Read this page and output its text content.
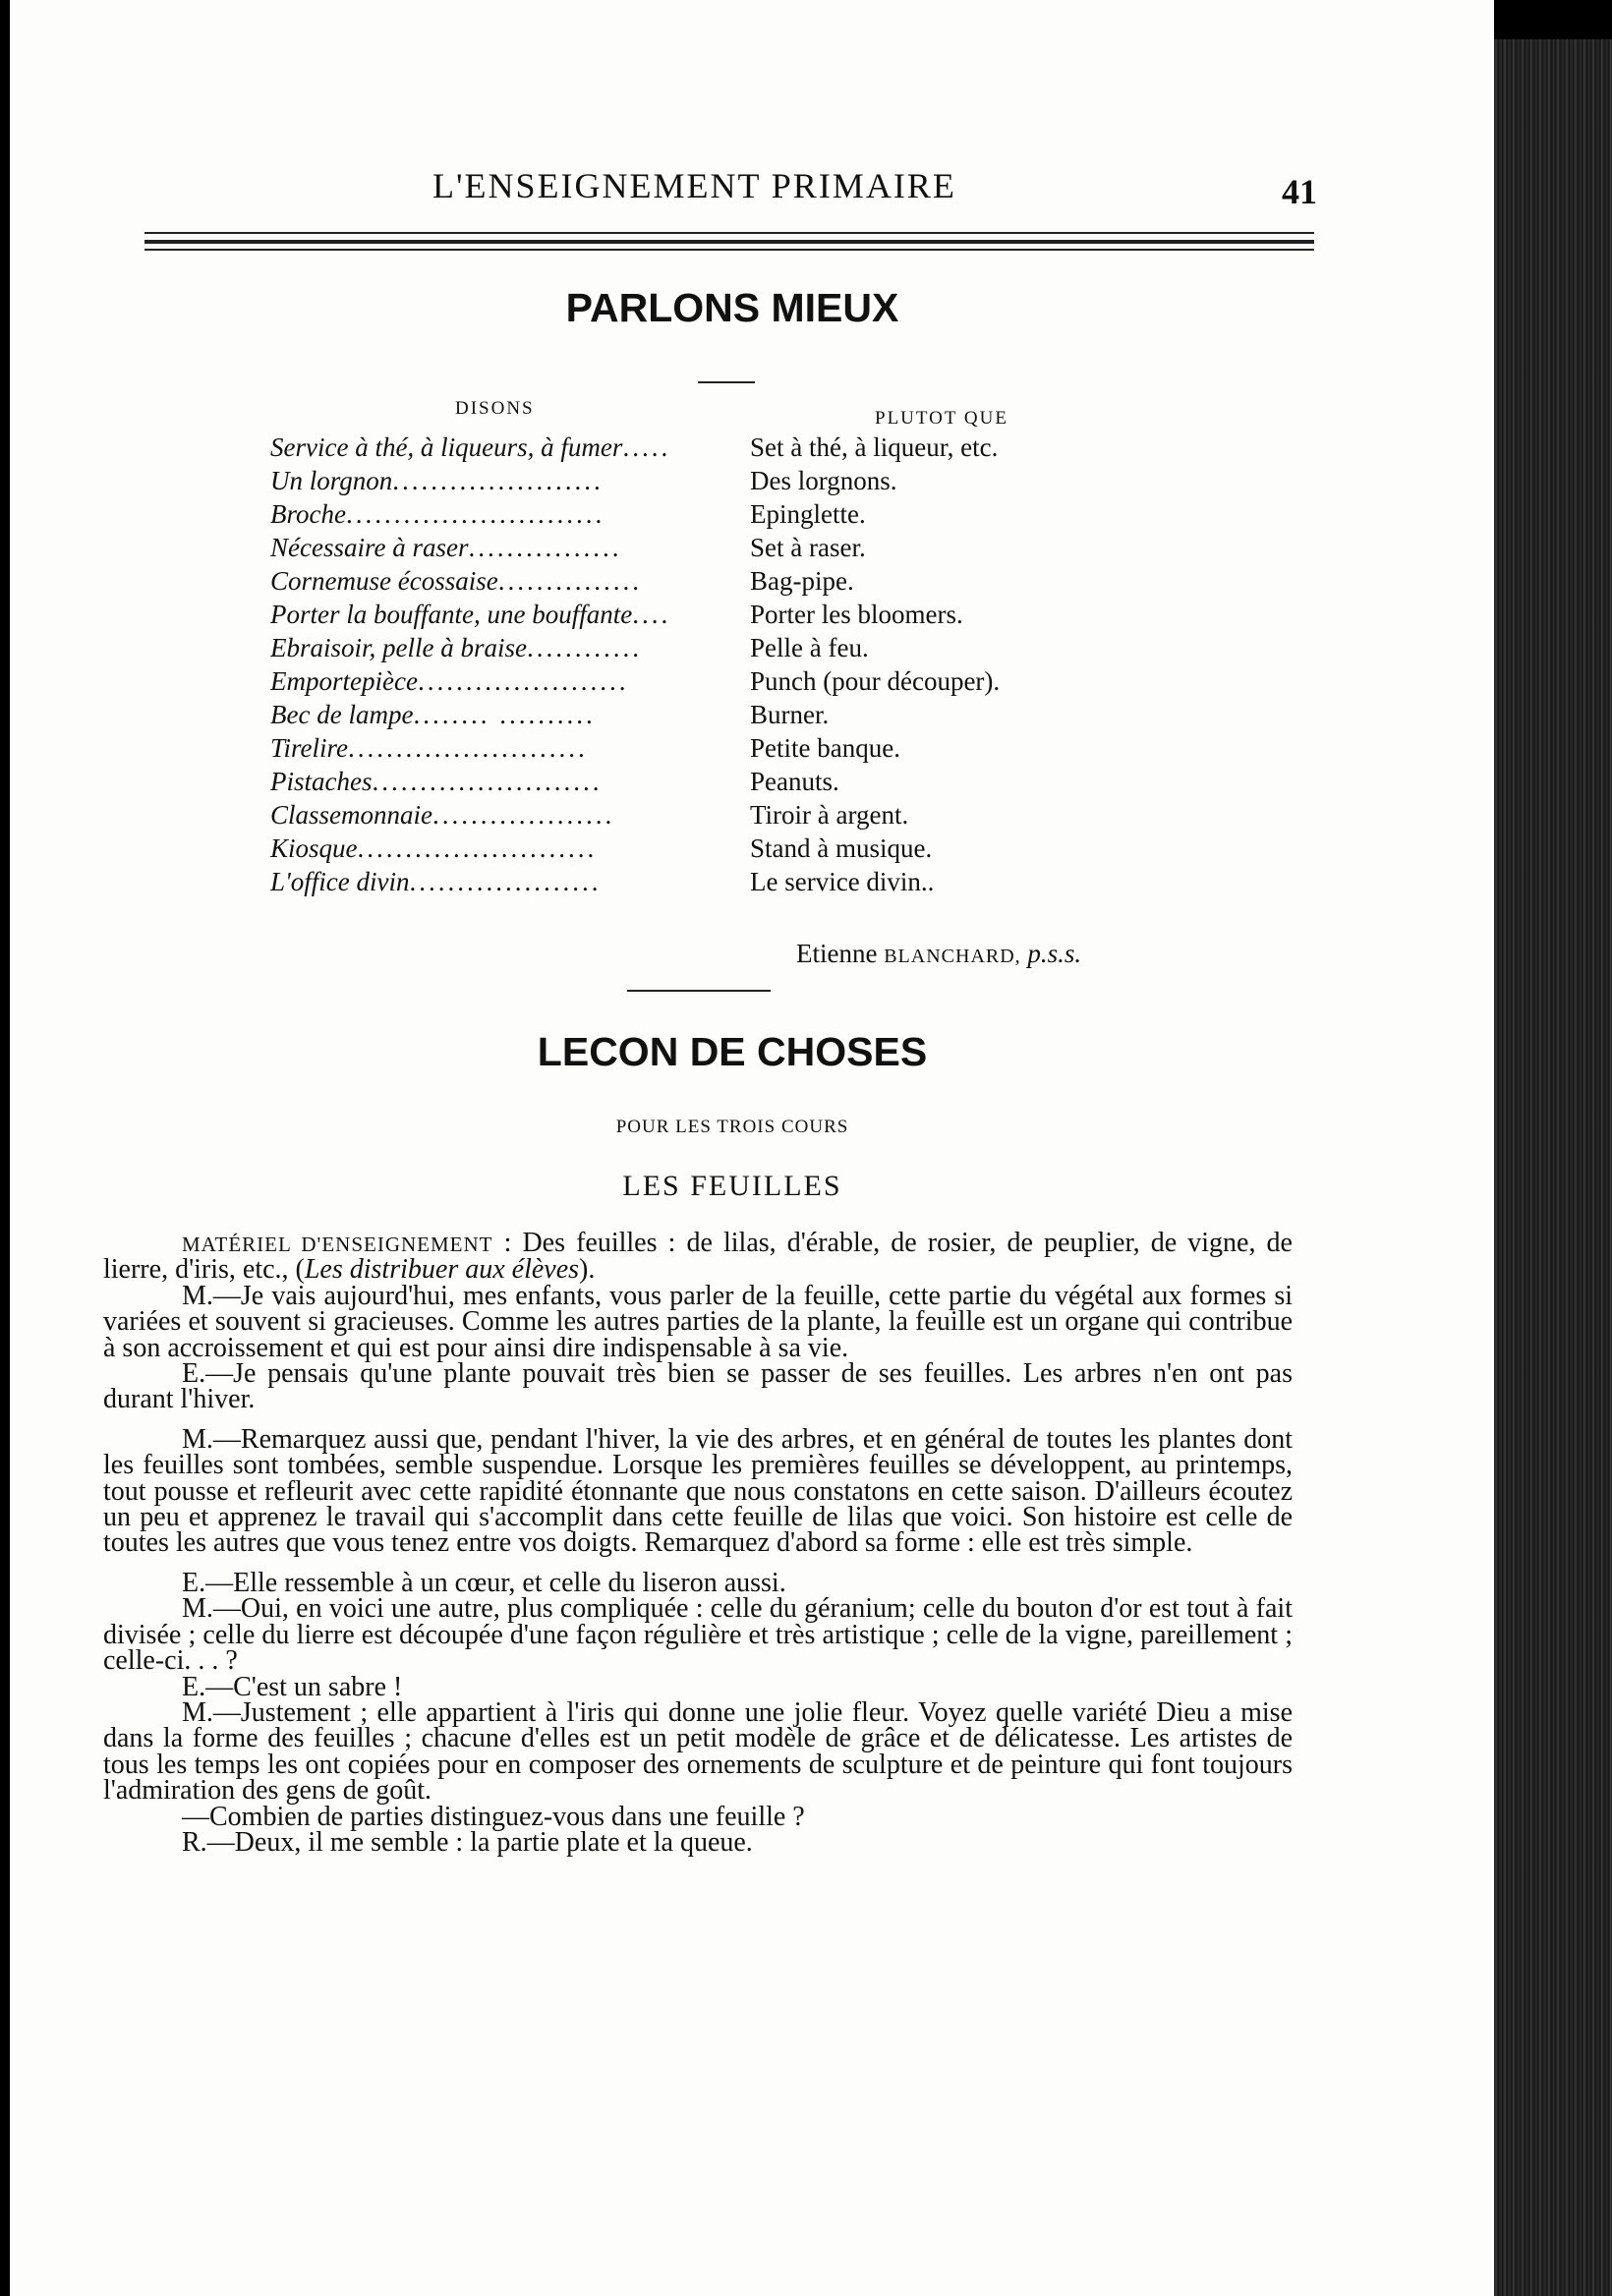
L'ENSEIGNEMENT PRIMAIRE	41
PARLONS MIEUX
DISONS	PLUTOT QUE
Service à thé, à liqueurs, à fumer.....	Set à thé, à liqueur, etc.
Un lorgnon......................	Des lorgnons.
Broche...........................	Epinglette.
Nécessaire à raser................	Set à raser.
Cornemuse écossaise...............	Bag-pipe.
Porter la bouffante, une bouffante....	Porter les bloomers.
Ebraisoir, pelle à braise............	Pelle à feu.
Emportepièce......................	Punch (pour découper).
Bec de lampe........ ..........	Burner.
Tirelire.........................	Petite banque.
Pistaches........................	Peanuts.
Classemonnaie...................	Tiroir à argent.
Kiosque.........................	Stand à musique.
L'office divin....................	Le service divin..
Etienne BLANCHARD, p.s.s.
LECON DE CHOSES
POUR LES TROIS COURS
LES FEUILLES

MATÉRIEL D'ENSEIGNEMENT : Des feuilles : de lilas, d'érable, de rosier, de peuplier, de vigne, de lierre, d'iris, etc., (Les distribuer aux élèves).

M.—Je vais aujourd'hui, mes enfants, vous parler de la feuille, cette partie du végétal aux formes si variées et souvent si gracieuses. Comme les autres parties de la plante, la feuille est un organe qui contribue à son accroissement et qui est pour ainsi dire indispensable à sa vie.

E.—Je pensais qu'une plante pouvait très bien se passer de ses feuilles. Les arbres n'en ont pas durant l'hiver.

M.—Remarquez aussi que, pendant l'hiver, la vie des arbres, et en général de toutes les plantes dont les feuilles sont tombées, semble suspendue. Lorsque les premières feuilles se développent, au printemps, tout pousse et refleurit avec cette rapidité étonnante que nous constatons en cette saison. D'ailleurs écoutez un peu et apprenez le travail qui s'accomplit dans cette feuille de lilas que voici. Son histoire est celle de toutes les autres que vous tenez entre vos doigts. Remarquez d'abord sa forme : elle est très simple.

E.—Elle ressemble à un cœur, et celle du liseron aussi.

M.—Oui, en voici une autre, plus compliquée : celle du géranium; celle du bouton d'or est tout à fait divisée ; celle du lierre est découpée d'une façon régulière et très artistique ; celle de la vigne, pareillement ; celle-ci. . . ?

E.—C'est un sabre !

M.—Justement ; elle appartient à l'iris qui donne une jolie fleur. Voyez quelle variété Dieu a mise dans la forme des feuilles ; chacune d'elles est un petit modèle de grâce et de délicatesse. Les artistes de tous les temps les ont copiées pour en composer des ornements de sculpture et de peinture qui font toujours l'admiration des gens de goût.

—Combien de parties distinguez-vous dans une feuille ?

R.—Deux, il me semble : la partie plate et la queue.
